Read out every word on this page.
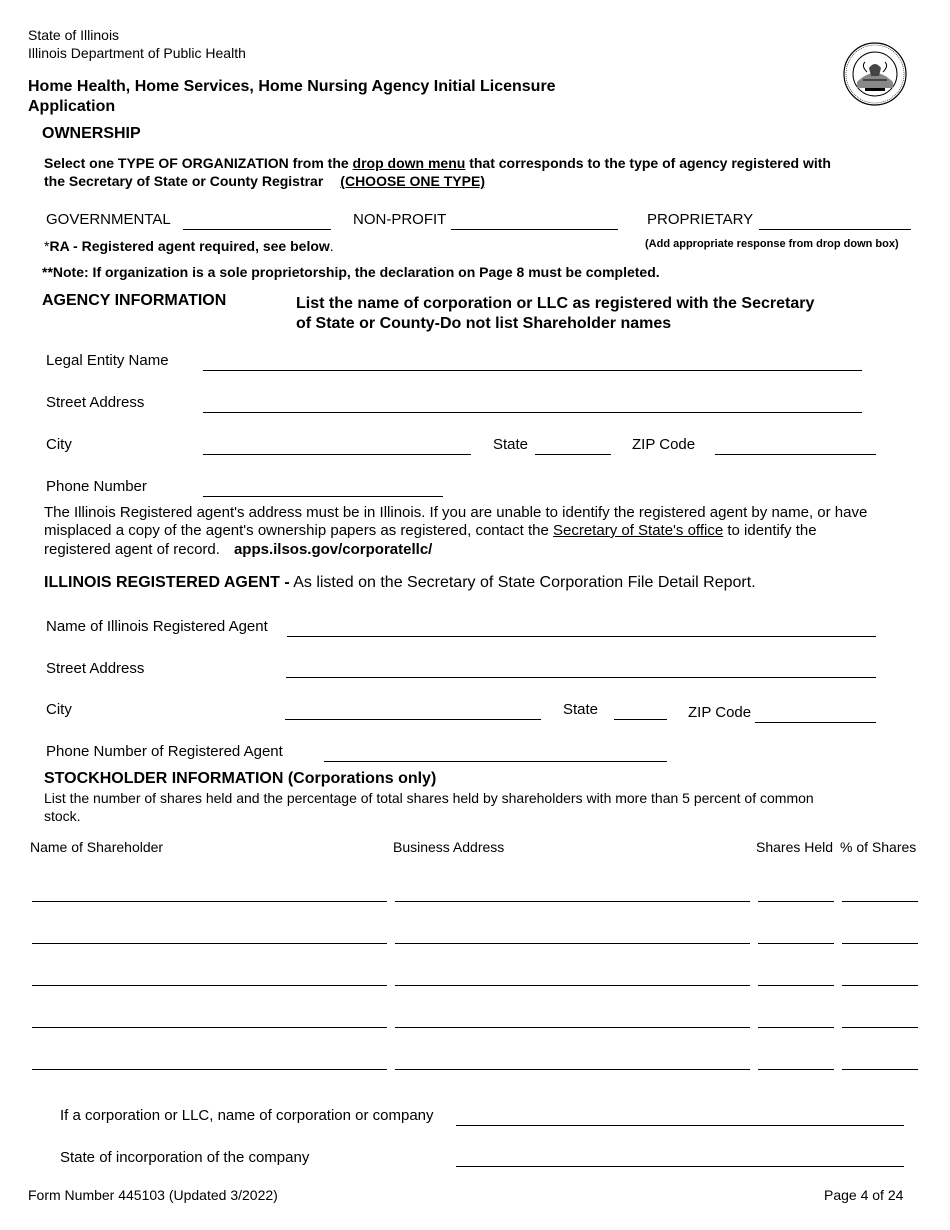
State of Illinois
Illinois Department of Public Health
Home Health, Home Services, Home Nursing Agency Initial Licensure
Application
OWNERSHIP
Select one TYPE OF ORGANIZATION from the drop down menu that corresponds to the type of agency registered with
the Secretary of State or County Registrar (CHOOSE ONE TYPE)
GOVERNMENTAL	NON-PROFIT	PROPRIETARY
*RA - Registered agent required, see below.	(Add appropriate response from drop down box)
**Note: If organization is a sole proprietorship, the declaration on Page 8 must be completed.
AGENCY INFORMATION	List the name of corporation or LLC as registered with the Secretary
of State or County-Do not list Shareholder names
Legal Entity Name
Street Address
City	State	ZIP Code
Phone Number
The Illinois Registered agent's address must be in Illinois. If you are unable to identify the registered agent by name, or have
misplaced a copy of the agent's ownership papers as registered, contact the Secretary of State's office to identify the
registered agent of record. apps.ilsos.gov/corporatellc/
ILLINOIS REGISTERED AGENT - As listed on the Secretary of State Corporation File Detail Report.
Name of Illinois Registered Agent
Street Address
City	State	ZIP Code
Phone Number of Registered Agent
STOCKHOLDER INFORMATION (Corporations only)
List the number of shares held and the percentage of total shares held by shareholders with more than 5 percent of common
stock.
Name of Shareholder	Business Address	Shares Held % of Shares
If a corporation or LLC, name of corporation or company
State of incorporation of the company
Form Number 445103 (Updated 3/2022)	Page 4 of 24
